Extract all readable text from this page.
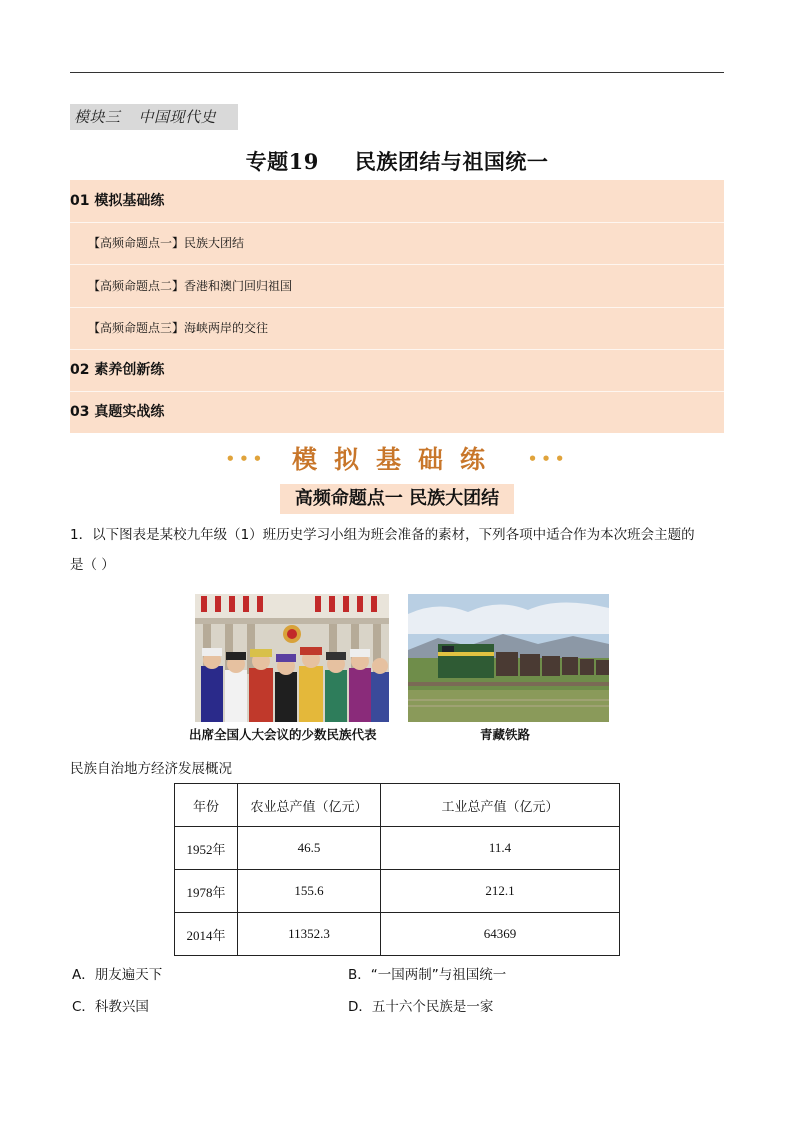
模块三 中国现代史
专题19 民族团结与祖国统一
01 模拟基础练
【高频命题点一】民族大团结
【高频命题点二】香港和澳门回归祖国
【高频命题点三】海峡两岸的交往
02 素养创新练
03 真题实战练
••• 模拟基础练 •••
高频命题点一 民族大团结
1．以下图表是某校九年级（1）班历史学习小组为班会准备的素材，下列各项中适合作为本次班会主题的
是（ ）
出席全国人大会议的少数民族代表	青藏铁路
民族自治地方经济发展概况
年份	农业总产值（亿元）	工业总产值（亿元）
1952年	46.5	11.4
1978年	155.6	212.1
2014年	11352.3	64369
A．朋友遍天下	B．“一国两制”与祖国统一
C．科教兴国	D．五十六个民族是一家
